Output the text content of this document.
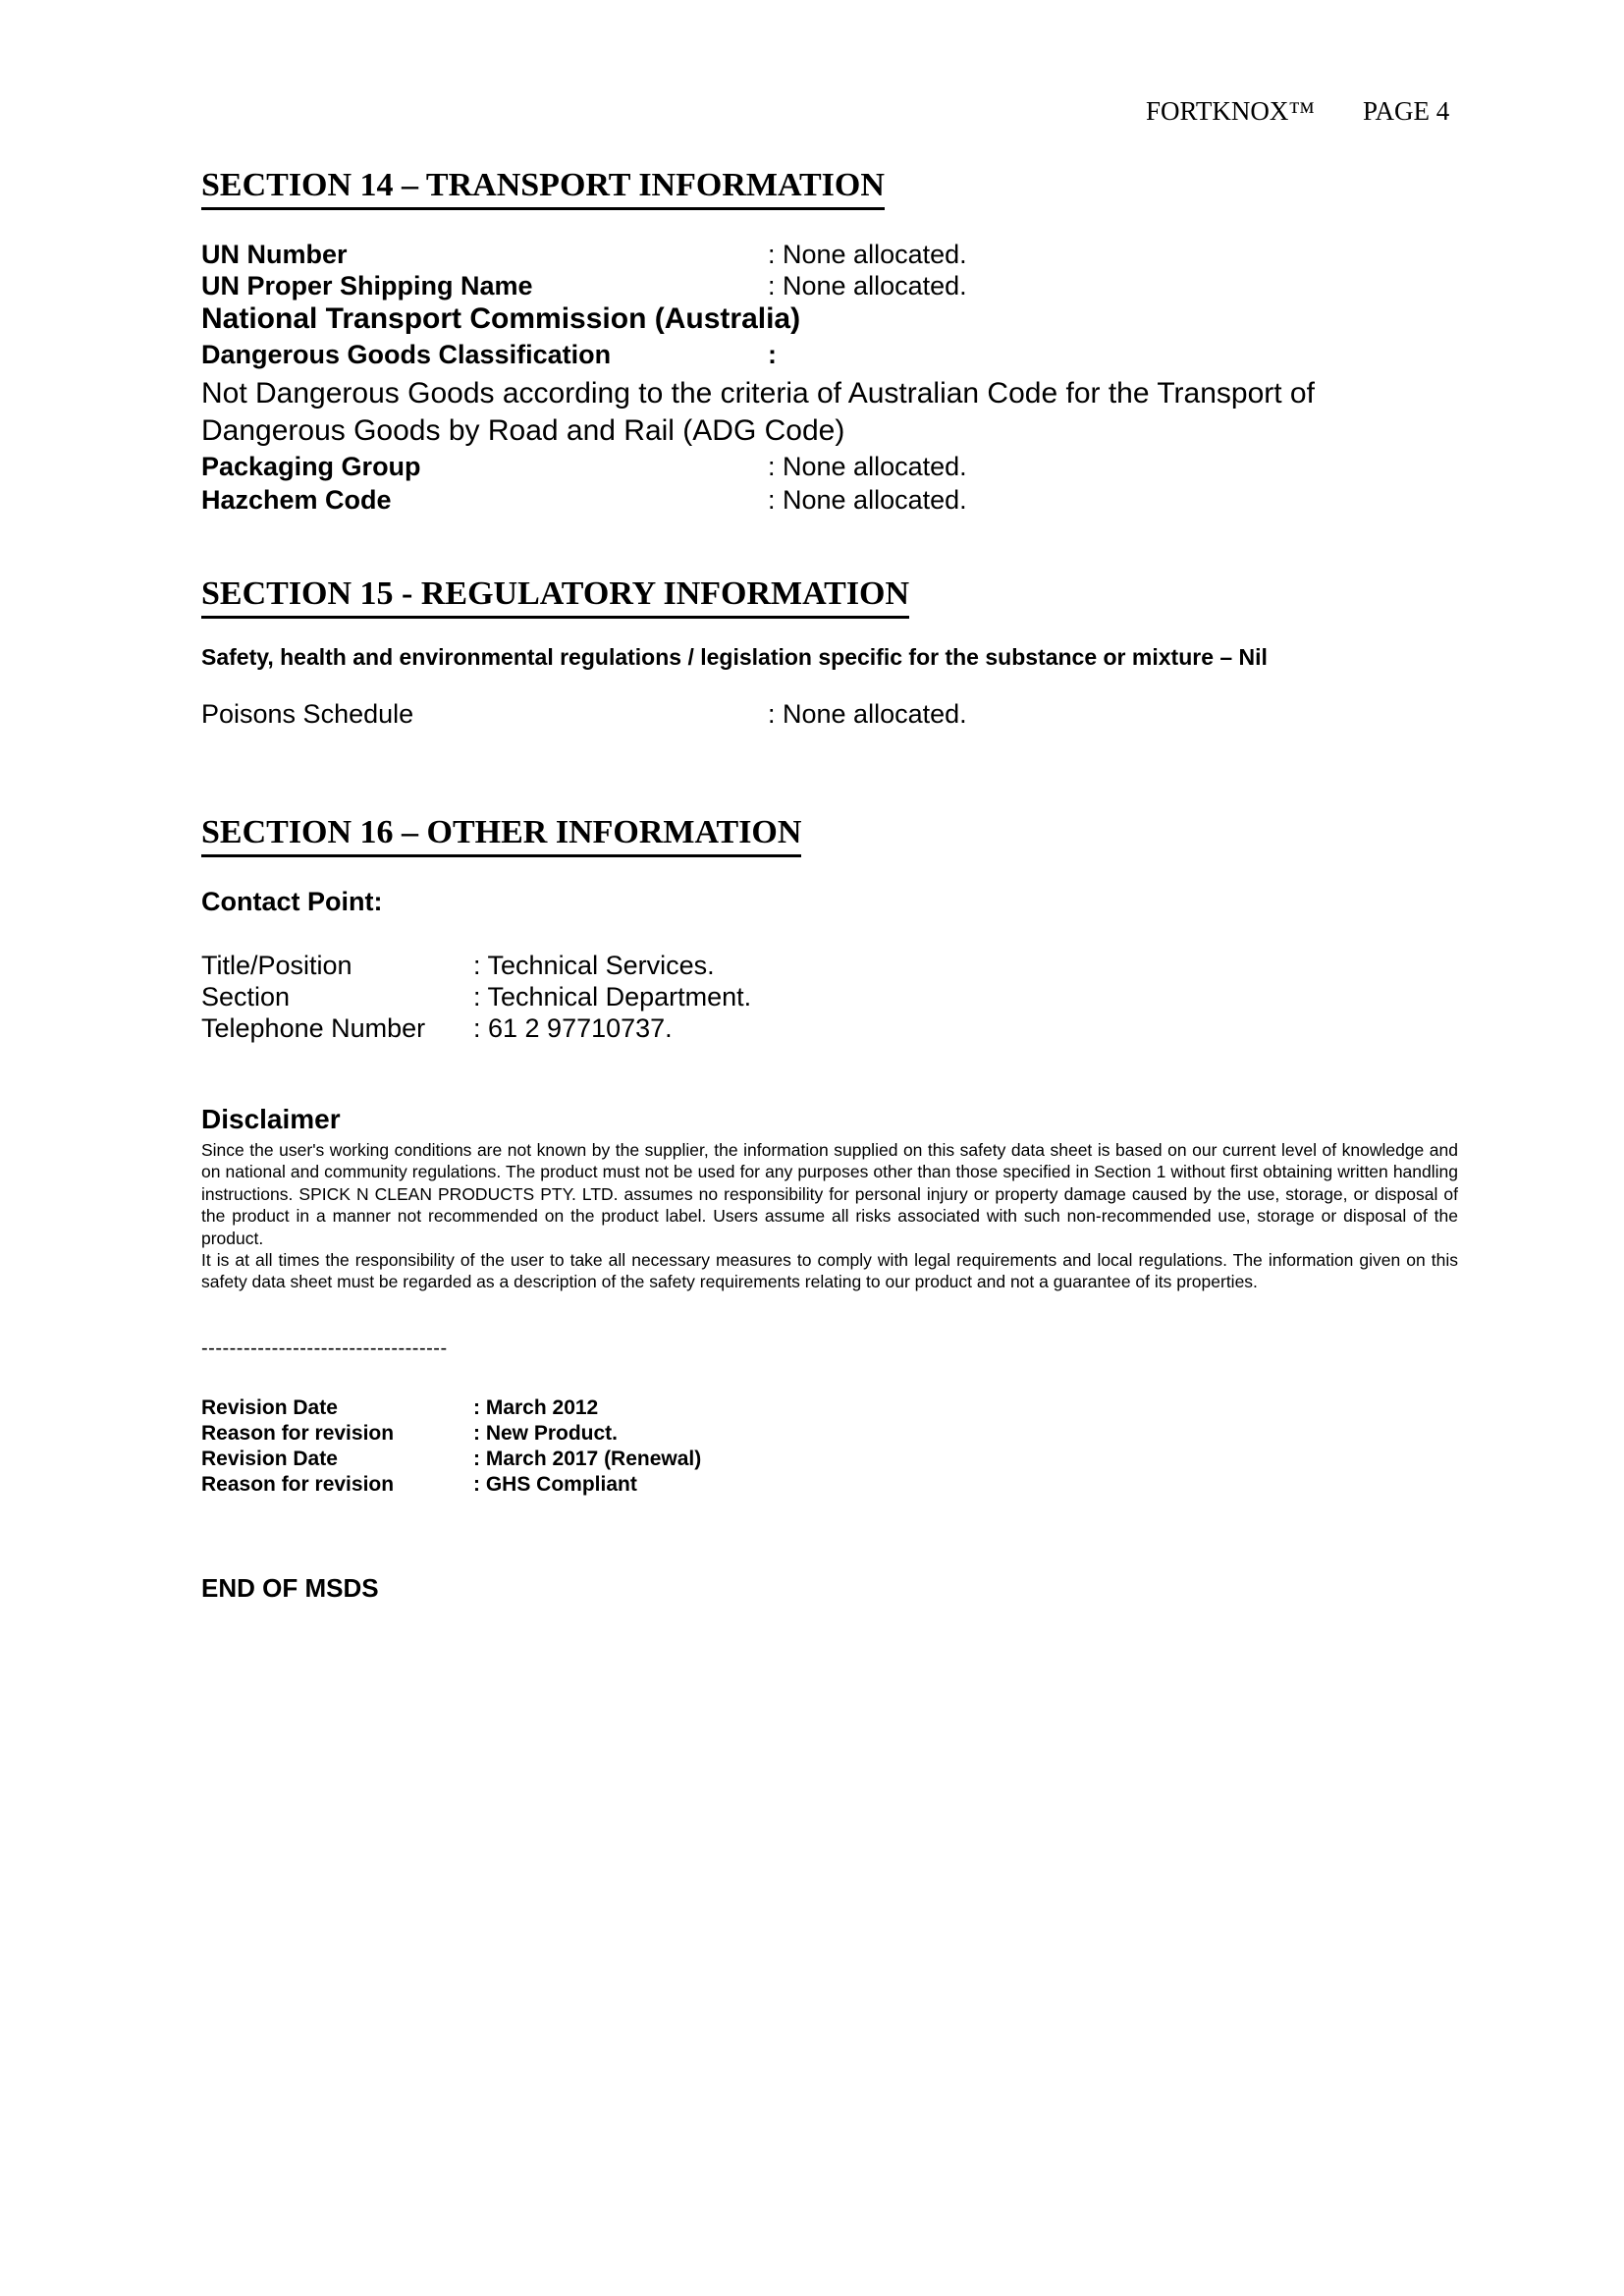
FORTKNOX™ PAGE 4
SECTION 14 – TRANSPORT INFORMATION
UN Number	: None allocated.
UN Proper Shipping Name	: None allocated.
National Transport Commission (Australia)
Dangerous Goods Classification	:
Not Dangerous Goods according to the criteria of Australian Code for the Transport of
Dangerous Goods by Road and Rail (ADG Code)
Packaging Group	: None allocated.
Hazchem Code	: None allocated.
SECTION 15 - REGULATORY INFORMATION
Safety, health and environmental regulations / legislation specific for the substance or mixture – Nil
Poisons Schedule	: None allocated.
SECTION 16 – OTHER INFORMATION
Contact Point:
Title/Position	: Technical Services.
Section	: Technical Department.
Telephone Number : 61 2 97710737.
Disclaimer

Since the user's working conditions are not known by the supplier, the information supplied on this safety data sheet is based on our current level of knowledge and on national and community regulations. The product must not be used for any purposes other than those specified in Section 1 without first obtaining written handling instructions. SPICK N CLEAN PRODUCTS PTY. LTD. assumes no responsibility for personal injury or property damage caused by the use, storage, or disposal of the product in a manner not recommended on the product label. Users assume all risks associated with such non-recommended use, storage or disposal of the product.

It is at all times the responsibility of the user to take all necessary measures to comply with legal requirements and local regulations. The information given on this safety data sheet must be regarded as a description of the safety requirements relating to our product and not a guarantee of its properties.

-----------------------------------
Revision Date	: March 2012
Reason for revision	: New Product.
Revision Date	: March 2017 (Renewal)
Reason for revision	: GHS Compliant
END OF MSDS
